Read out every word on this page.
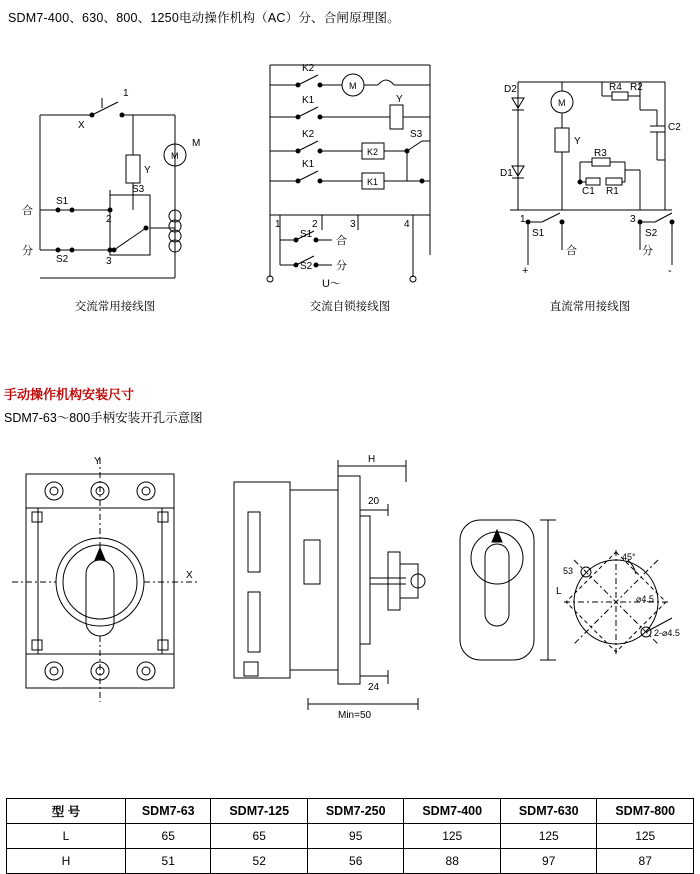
SDM7-400、630、800、1250电动操作机构（AC）分、合闸原理图。
1
X
M
M
Y
合
分
S1
S2
S3
2
3
交流常用接线图
K2
K1
K2
K1
M
Y
K2
K1
S3
1	2	3	4
S1
S2
合
分
U～
交流自锁接线图
D2
D1
M
Y
R4 R2
C2
R3
C1 R1
1	3
S1	S2
合	分
+	-
直流常用接线图
手动操作机构安装尺寸
SDM7-63～800手柄安装开孔示意图
Y
X
H
20
24
Min=50
L
45°
53
⌀4.5
2-⌀4.5
型 号	SDM7-63	SDM7-125	SDM7-250	SDM7-400	SDM7-630	SDM7-800
L	65	65	95	125	125	125
H	51	52	56	88	97	87
